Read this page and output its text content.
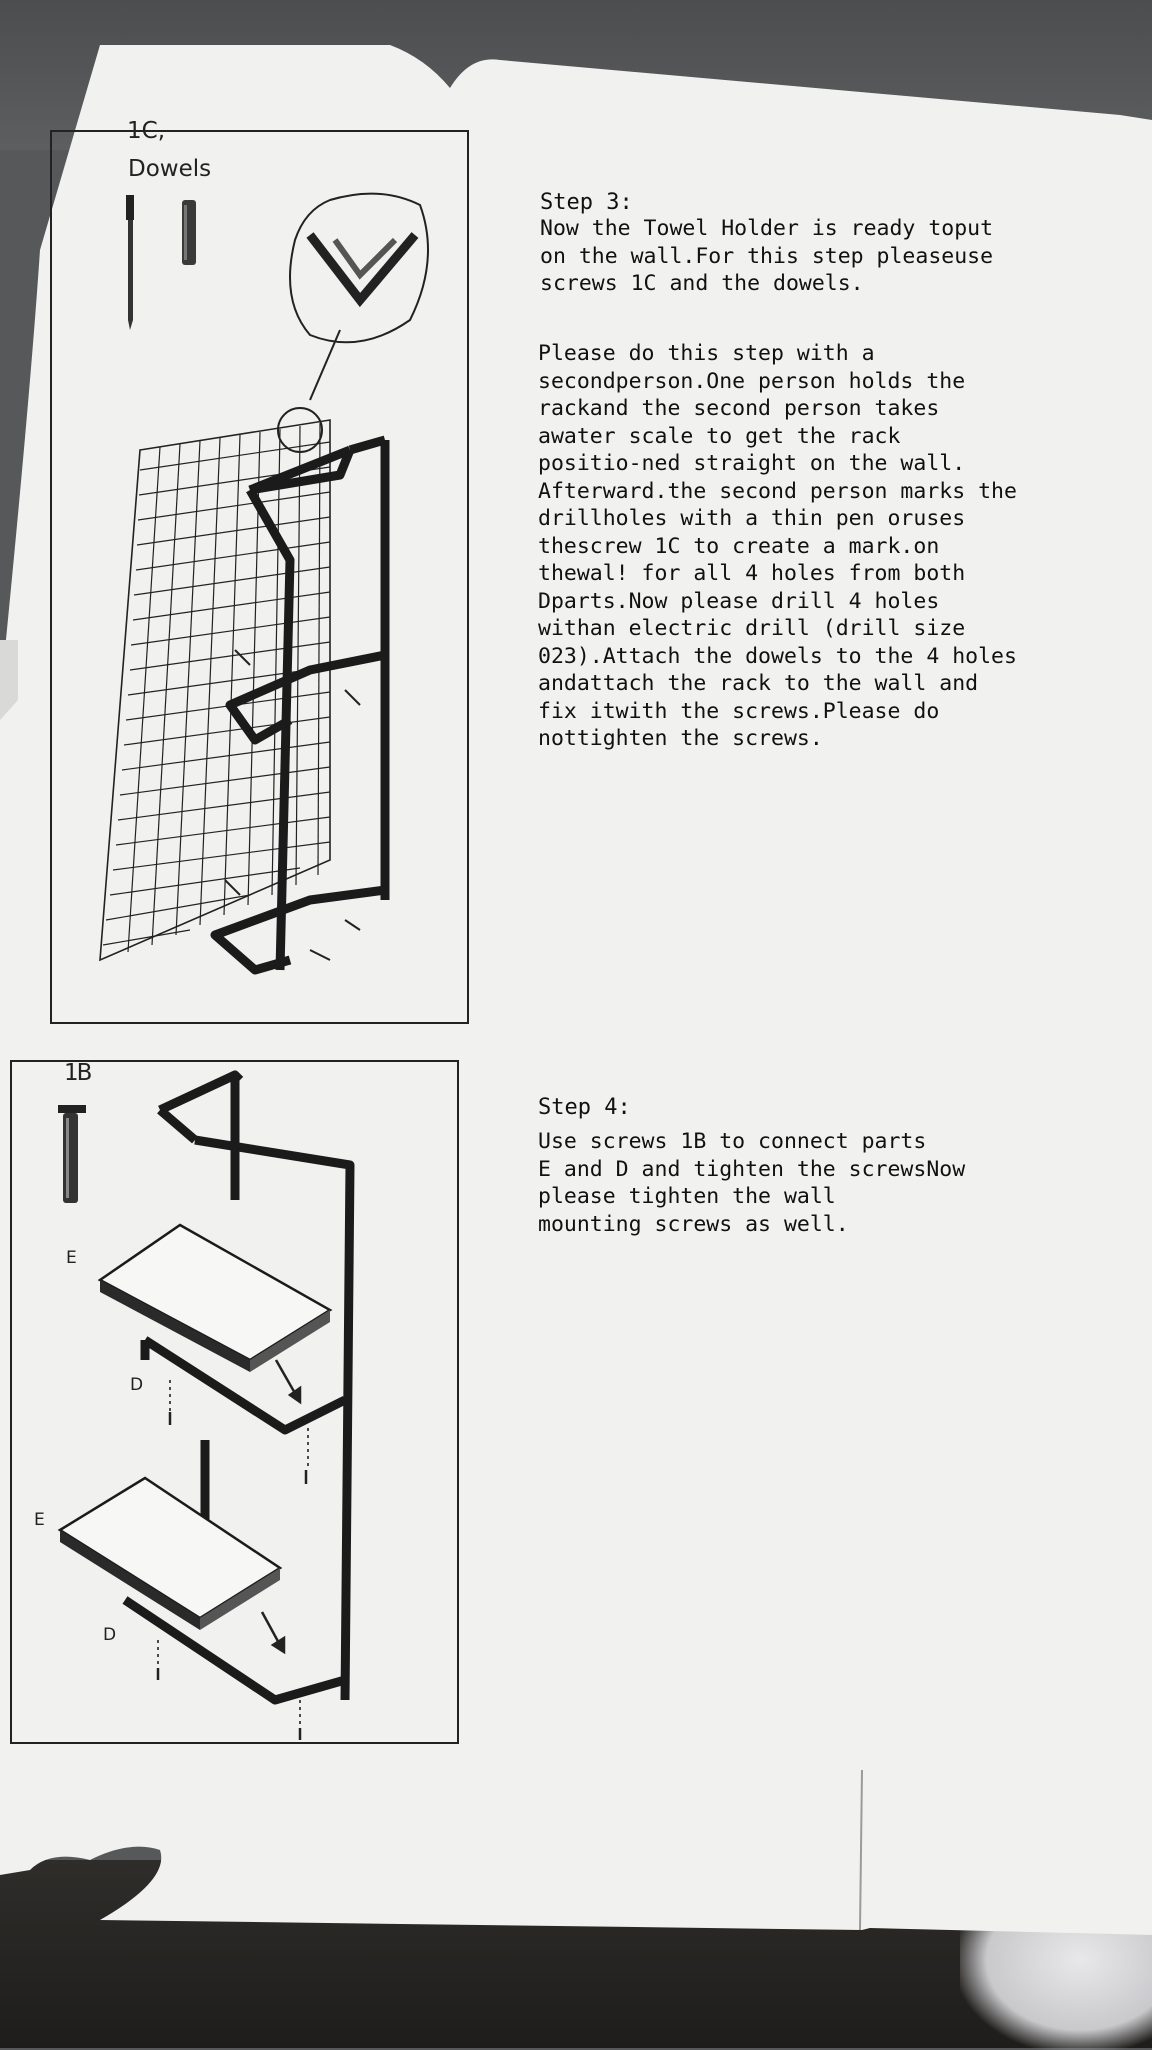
1C,
Dowels
1B
E
D
E
D
Step 3:
Now the Towel Holder is ready toput
on the wall.For this step pleaseuse
screws 1C and the dowels.
Please do this step with a
secondperson.One person holds the
rackand the second person takes
awater scale to get the rack
positio-ned straight on the wall.
Afterward.the second person marks the
drillholes with a thin pen oruses
thescrew 1C to create a mark.on
thewal! for all 4 holes from both
Dparts.Now please drill 4 holes
withan electric drill (drill size
023).Attach the dowels to the 4 holes
andattach the rack to the wall and
fix itwith the screws.Please do
nottighten the screws.
Step 4:
Use screws 1B to connect parts
E and D and tighten the screwsNow
please tighten the wall
mounting screws as well.
